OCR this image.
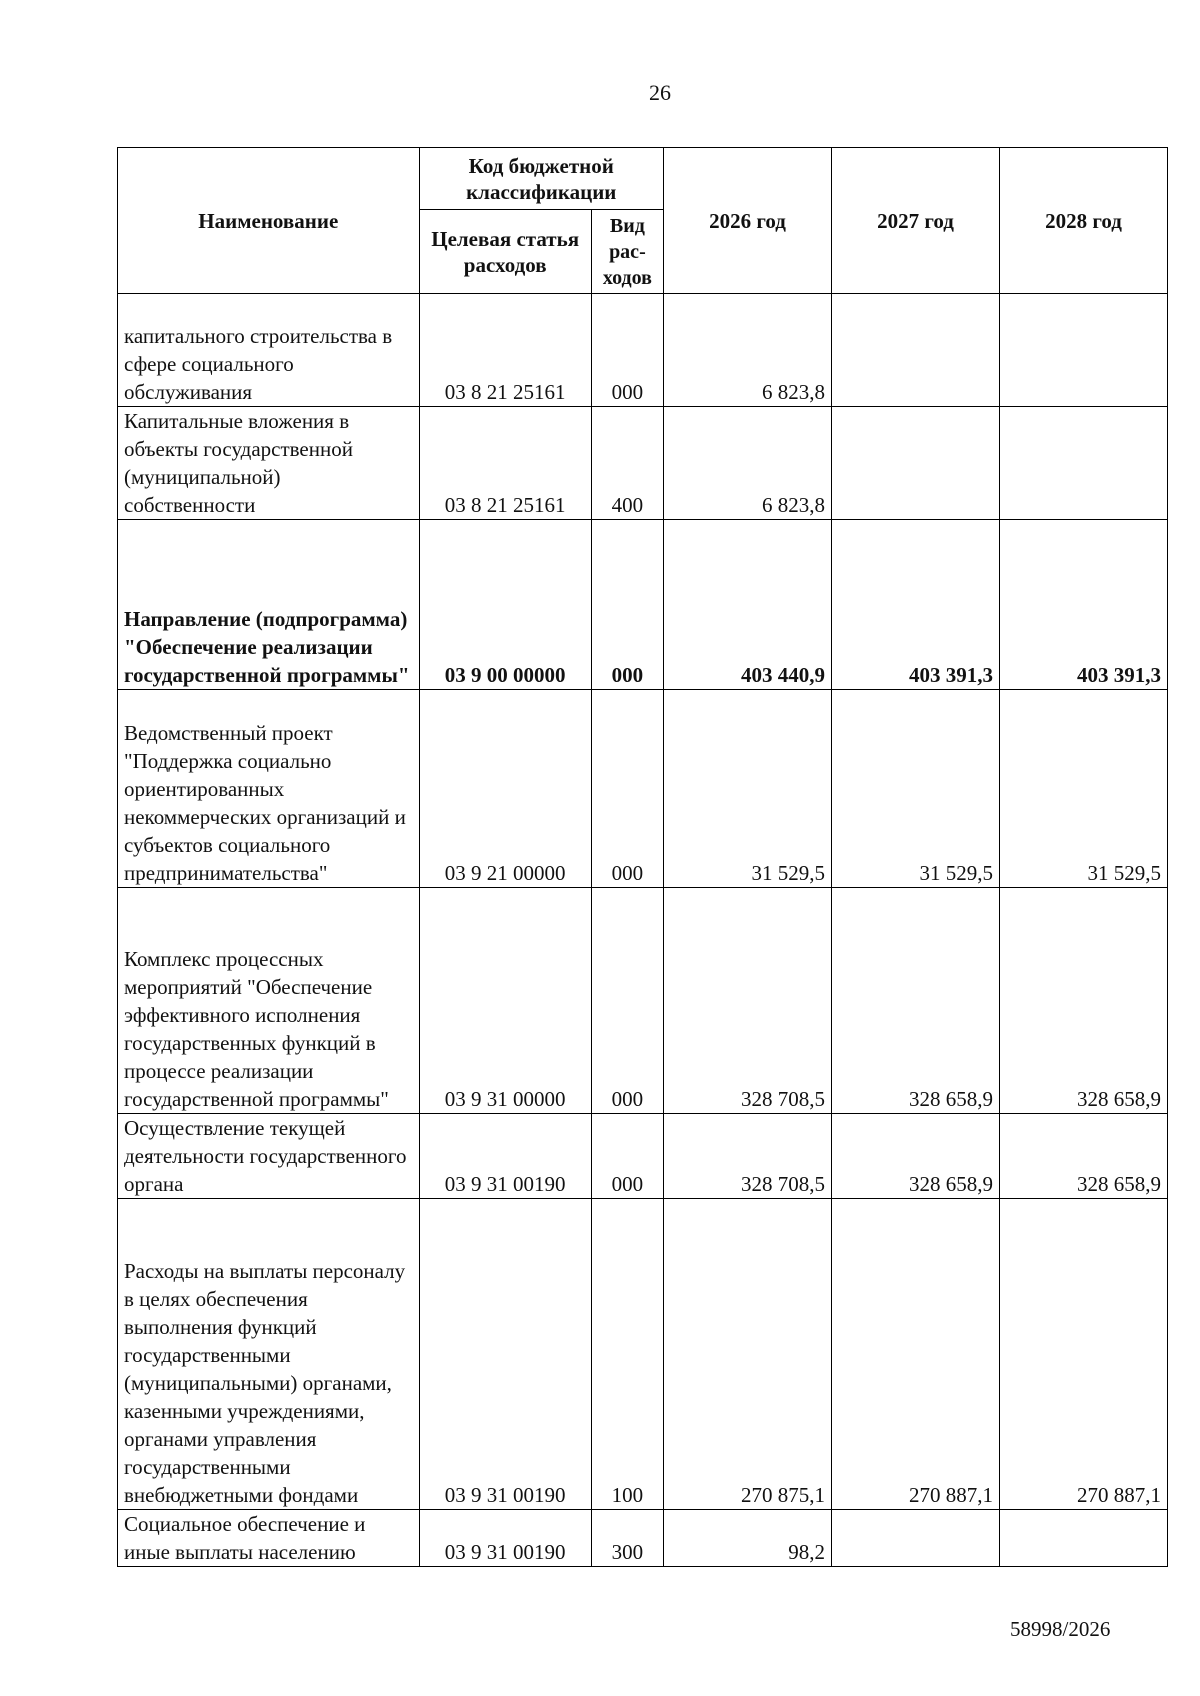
26
Наименование	Код бюджетной классификации		2026 год	2027 год	2028 год
	Целевая статья расходов	Вид рас-ходов			
капитального строительства в сфере социального обслуживания	03 8 21 25161	000	6 823,8		
Капитальные вложения в объекты государственной (муниципальной) собственности	03 8 21 25161	400	6 823,8		
Направление (подпрограмма) "Обеспечение реализации государственной программы"	03 9 00 00000	000	403 440,9	403 391,3	403 391,3
Ведомственный проект "Поддержка социально ориентированных некоммерческих организаций и субъектов социального предпринимательства"	03 9 21 00000	000	31 529,5	31 529,5	31 529,5
Комплекс процессных мероприятий "Обеспечение эффективного исполнения государственных функций в процессе реализации государственной программы"	03 9 31 00000	000	328 708,5	328 658,9	328 658,9
Осуществление текущей деятельности государственного органа	03 9 31 00190	000	328 708,5	328 658,9	328 658,9
Расходы на выплаты персоналу в целях обеспечения выполнения функций государственными (муниципальными) органами, казенными учреждениями, органами управления государственными внебюджетными фондами	03 9 31 00190	100	270 875,1	270 887,1	270 887,1
Социальное обеспечение и иные выплаты населению	03 9 31 00190	300	98,2		
58998/2026
